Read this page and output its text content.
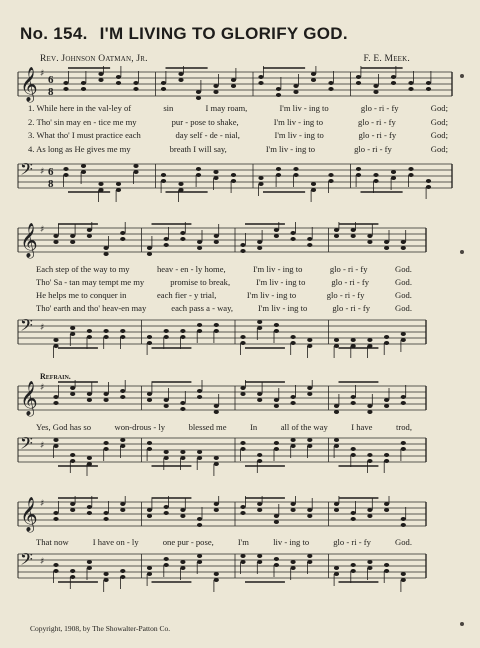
No. 154. I'M LIVING TO GLORIFY GOD.
Rev. Johnson Oatman, Jr.	F. E. Meek.
𝄞 ♯ 6
8
1. While here in the val-ley of	sin	I may roam,	I'm liv - ing to	glo - ri - fy	God;
2. Tho' sin may en - tice me my	pur - pose to shake,	I'm liv - ing to	glo - ri - fy	God;
3. What tho' I must practice each	day self - de - nial,	I'm liv - ing to	glo - ri - fy	God;
4. As long as He gives me my	breath I will say,	I'm liv - ing to	glo - ri - fy	God;
𝄢 ♯ 6
8
𝄞 ♯
Each step of the way to my	heav - en - ly home,	I'm liv - ing to	glo - ri - fy	God.
Tho' Sa - tan may tempt me my	promise to break,	I'm liv - ing to	glo - ri - fy	God.
He helps me to conquer in	each fier - y trial,	I'm liv - ing to	glo - ri - fy	God.
Tho' earth and tho' heav-en may	each pass a - way,	I'm liv - ing to	glo - ri - fy	God.
𝄢 ♯
Refrain.
𝄞 ♯
Yes, God has so	won-drous - ly	blessed me	In	all of the way	I have	trod,
𝄢 ♯
𝄞 ♯
That now	I have on - ly	one pur - pose,	I'm	liv - ing to	glo - ri - fy	God.
𝄢 ♯
Copyright, 1908, by The Showalter-Patton Co.
